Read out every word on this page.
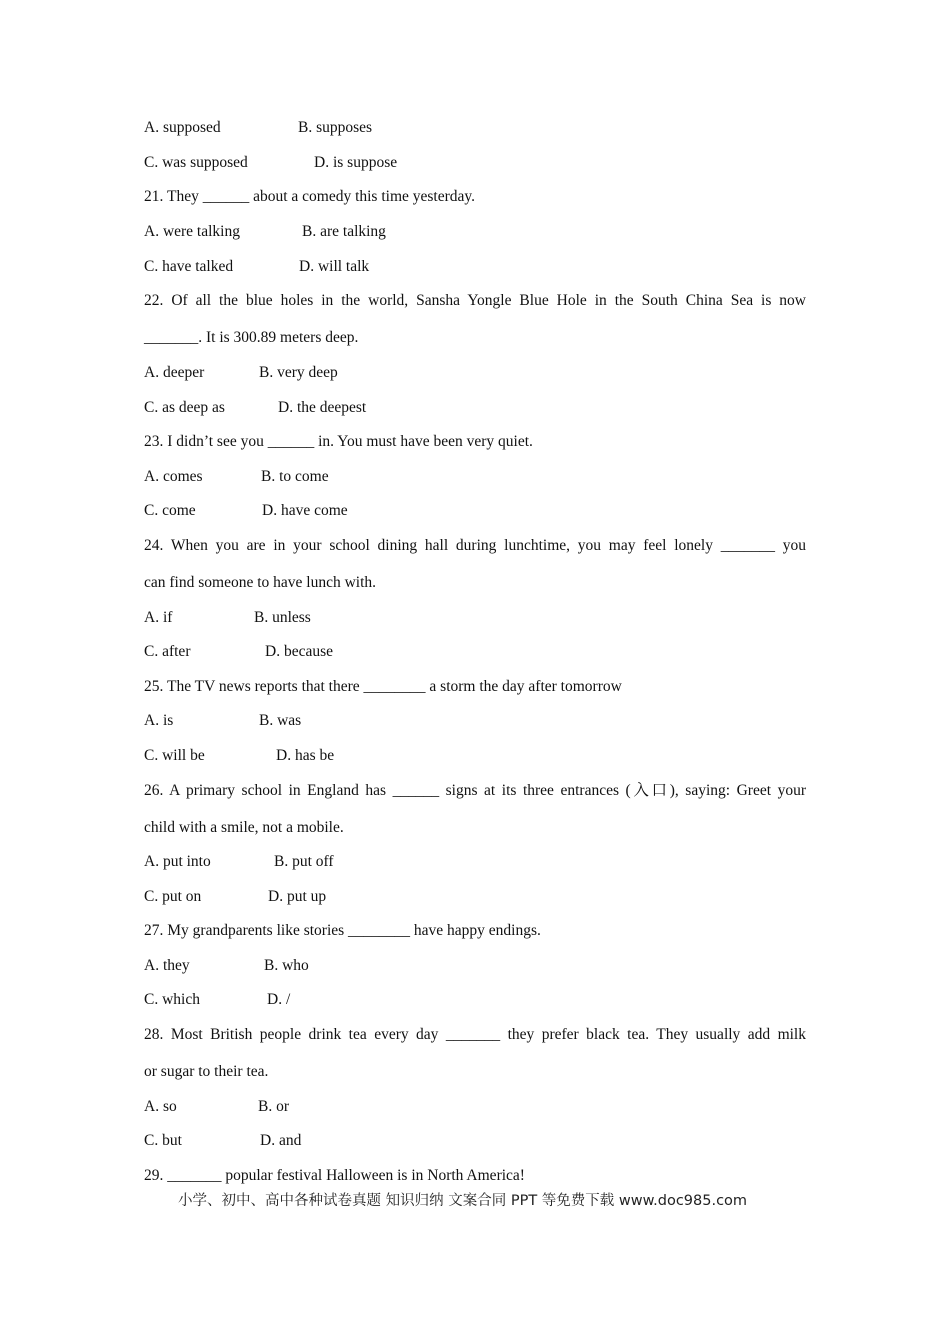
A. supposed	B. supposes
C. was supposed	D. is suppose
21. They ______ about a comedy this time yesterday.
A. were talking	B. are talking
C. have talked	D. will talk
22. Of all the blue holes in the world, Sansha Yongle Blue Hole in the South China Sea is now
_______. It is 300.89 meters deep.
A. deeper	B. very deep
C. as deep as	D. the deepest
23. I didn’t see you ______ in. You must have been very quiet.
A. comes	B. to come
C. come	D. have come
24. When you are in your school dining hall during lunchtime, you may feel lonely _______ you
can find someone to have lunch with.
A. if	B. unless
C. after	D. because
25. The TV news reports that there ________ a storm the day after tomorrow
A. is	B. was
C. will be	D. has be
26. A primary school in England has ______ signs at its three entrances (入口), saying: Greet your
child with a smile, not a mobile.
A. put into	B. put off
C. put on	D. put up
27. My grandparents like stories ________ have happy endings.
A. they	B. who
C. which	D. /
28. Most British people drink tea every day _______ they prefer black tea. They usually add milk
or sugar to their tea.
A. so	B. or
C. but	D. and
29. _______ popular festival Halloween is in North America!
小学、初中、高中各种试卷真题 知识归纳 文案合同 PPT 等免费下载 www.doc985.com
